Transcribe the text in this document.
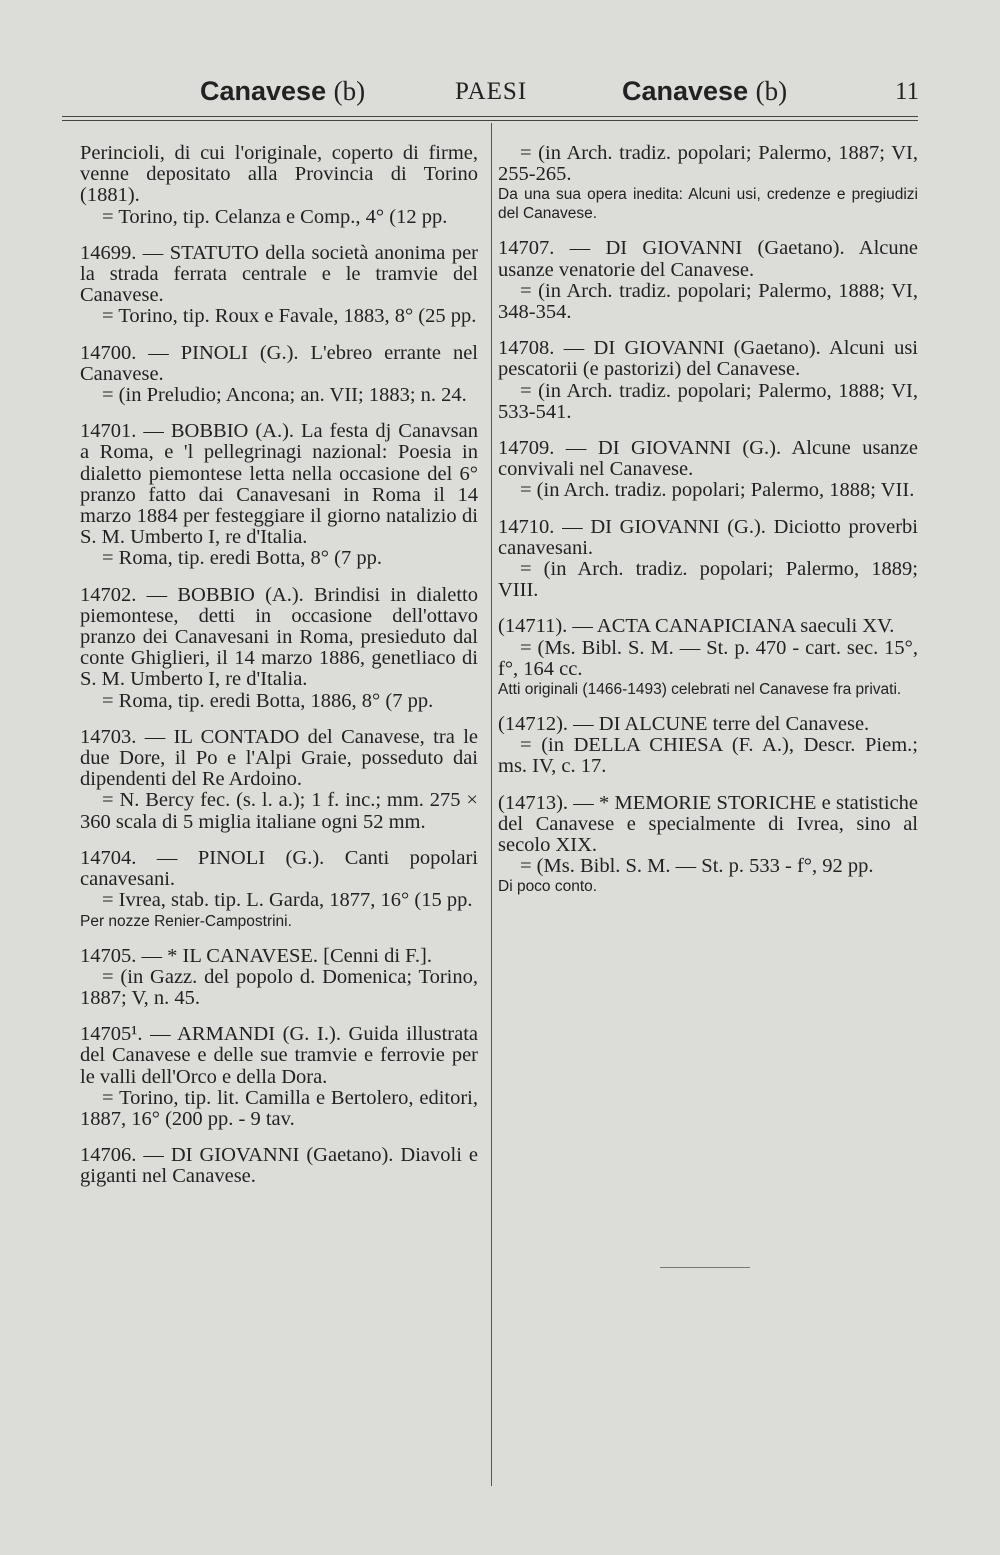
Canavese (b)	PAESI	Canavese (b)	11

Perincioli, di cui l'originale, coperto di firme, venne depositato alla Provincia di Torino (1881).

= Torino, tip. Celanza e Comp., 4° (12 pp.

14699. — STATUTO della società anonima per la strada ferrata centrale e le tramvie del Canavese.

= Torino, tip. Roux e Favale, 1883, 8° (25 pp.

14700. — PINOLI (G.). L'ebreo errante nel Canavese.

= (in Preludio; Ancona; an. VII; 1883; n. 24.

14701. — BOBBIO (A.). La festa dj Canavsan a Roma, e 'l pellegrinagi nazional: Poesia in dialetto piemontese letta nella occasione del 6° pranzo fatto dai Canavesani in Roma il 14 marzo 1884 per festeggiare il giorno natalizio di S. M. Umberto I, re d'Italia.

= Roma, tip. eredi Botta, 8° (7 pp.

14702. — BOBBIO (A.). Brindisi in dialetto piemontese, detti in occasione dell'ottavo pranzo dei Canavesani in Roma, presieduto dal conte Ghiglieri, il 14 marzo 1886, genetliaco di S. M. Umberto I, re d'Italia.

= Roma, tip. eredi Botta, 1886, 8° (7 pp.

14703. — IL CONTADO del Canavese, tra le due Dore, il Po e l'Alpi Graie, posseduto dai dipendenti del Re Ardoino.

= N. Bercy fec. (s. l. a.); 1 f. inc.; mm. 275 × 360 scala di 5 miglia italiane ogni 52 mm.

14704. — PINOLI (G.). Canti popolari canavesani.

= Ivrea, stab. tip. L. Garda, 1877, 16° (15 pp.

Per nozze Renier-Campostrini.

14705. — * IL CANAVESE. [Cenni di F.].

= (in Gazz. del popolo d. Domenica; Torino, 1887; V, n. 45.

14705¹. — ARMANDI (G. I.). Guida illustrata del Canavese e delle sue tramvie e ferrovie per le valli dell'Orco e della Dora.

= Torino, tip. lit. Camilla e Bertolero, editori, 1887, 16° (200 pp. - 9 tav.

14706. — DI GIOVANNI (Gaetano). Diavoli e giganti nel Canavese.

= (in Arch. tradiz. popolari; Palermo, 1887; VI, 255-265.

Da una sua opera inedita: Alcuni usi, credenze e pregiudizi del Canavese.

14707. — DI GIOVANNI (Gaetano). Alcune usanze venatorie del Canavese.

= (in Arch. tradiz. popolari; Palermo, 1888; VI, 348-354.

14708. — DI GIOVANNI (Gaetano). Alcuni usi pescatorii (e pastorizi) del Canavese.

= (in Arch. tradiz. popolari; Palermo, 1888; VI, 533-541.

14709. — DI GIOVANNI (G.). Alcune usanze convivali nel Canavese.

= (in Arch. tradiz. popolari; Palermo, 1888; VII.

14710. — DI GIOVANNI (G.). Diciotto proverbi canavesani.

= (in Arch. tradiz. popolari; Palermo, 1889; VIII.

(14711). — ACTA CANAPICIANA saeculi XV.

= (Ms. Bibl. S. M. — St. p. 470 - cart. sec. 15°, f°, 164 cc.

Atti originali (1466-1493) celebrati nel Canavese fra privati.

(14712). — DI ALCUNE terre del Canavese.

= (in DELLA CHIESA (F. A.), Descr. Piem.; ms. IV, c. 17.

(14713). — * MEMORIE STORICHE e statistiche del Canavese e specialmente di Ivrea, sino al secolo XIX.

= (Ms. Bibl. S. M. — St. p. 533 - f°, 92 pp.

Di poco conto.
